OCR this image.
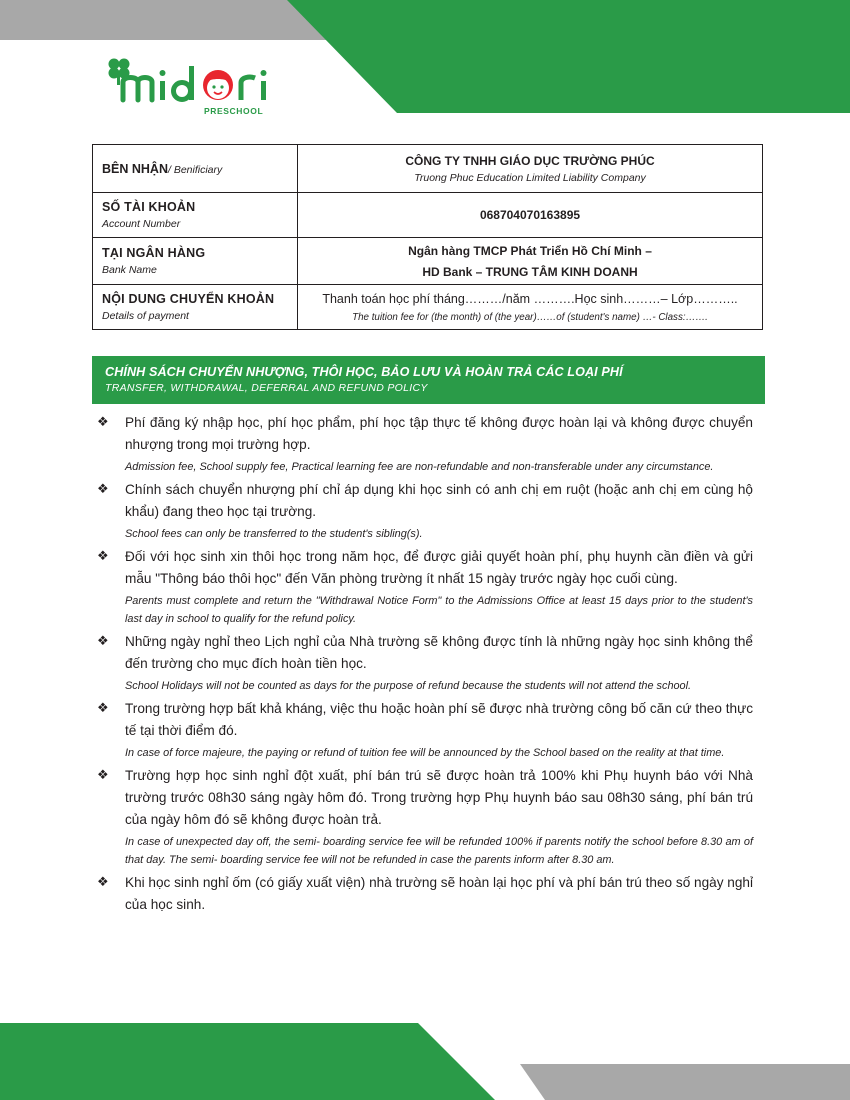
PRESCHOOL
BÊN NHẬN/ Benificiary	CÔNG TY TNHH GIÁO DỤC TRƯỜNG PHÚC
Truong Phuc Education Limited Liability Company

SỐ TÀI KHOẢN
Account Number	068704070163895

TẠI NGÂN HÀNG
Bank Name	Ngân hàng TMCP Phát Triển Hồ Chí Minh –
HD Bank – TRUNG TÂM KINH DOANH

NỘI DUNG CHUYỂN KHOẢN
Details of payment	Thanh toán học phí tháng………/năm ……….Học sinh………– Lớp………..
The tuition fee for (the month) of (the year)……of (student's name) …- Class:…….
CHÍNH SÁCH CHUYỂN NHƯỢNG, THÔI HỌC, BẢO LƯU VÀ HOÀN TRẢ CÁC LOẠI PHÍ
TRANSFER, WITHDRAWAL, DEFERRAL AND REFUND POLICY
❖ Phí đăng ký nhập học, phí học phẩm, phí học tập thực tế không được hoàn lại và không được chuyển nhượng trong mọi trường hợp.
Admission fee, School supply fee, Practical learning fee are non-refundable and non-transferable under any circumstance.
❖ Chính sách chuyển nhượng phí chỉ áp dụng khi học sinh có anh chị em ruột (hoặc anh chị em cùng hộ khẩu) đang theo học tại trường.
School fees can only be transferred to the student's sibling(s).
❖ Đối với học sinh xin thôi học trong năm học, để được giải quyết hoàn phí, phụ huynh cần điền và gửi mẫu "Thông báo thôi học" đến Văn phòng trường ít nhất 15 ngày trước ngày học cuối cùng.
Parents must complete and return the "Withdrawal Notice Form" to the Admissions Office at least 15 days prior to the student's last day in school to qualify for the refund policy.
❖ Những ngày nghỉ theo Lịch nghỉ của Nhà trường sẽ không được tính là những ngày học sinh không thể đến trường cho mục đích hoàn tiền học.
School Holidays will not be counted as days for the purpose of refund because the students will not attend the school.
❖ Trong trường hợp bất khả kháng, việc thu hoặc hoàn phí sẽ được nhà trường công bố căn cứ theo thực tế tại thời điểm đó.
In case of force majeure, the paying or refund of tuition fee will be announced by the School based on the reality at that time.
❖ Trường hợp học sinh nghỉ đột xuất, phí bán trú sẽ được hoàn trả 100% khi Phụ huynh báo với Nhà trường trước 08h30 sáng ngày hôm đó. Trong trường hợp Phụ huynh báo sau 08h30 sáng, phí bán trú của ngày hôm đó sẽ không được hoàn trả.
In case of unexpected day off, the semi- boarding service fee will be refunded 100% if parents notify the school before 8.30 am of that day. The semi- boarding service fee will not be refunded in case the parents inform after 8.30 am.
❖ Khi học sinh nghỉ ốm (có giấy xuất viện) nhà trường sẽ hoàn lại học phí và phí bán trú theo số ngày nghỉ của học sinh.
